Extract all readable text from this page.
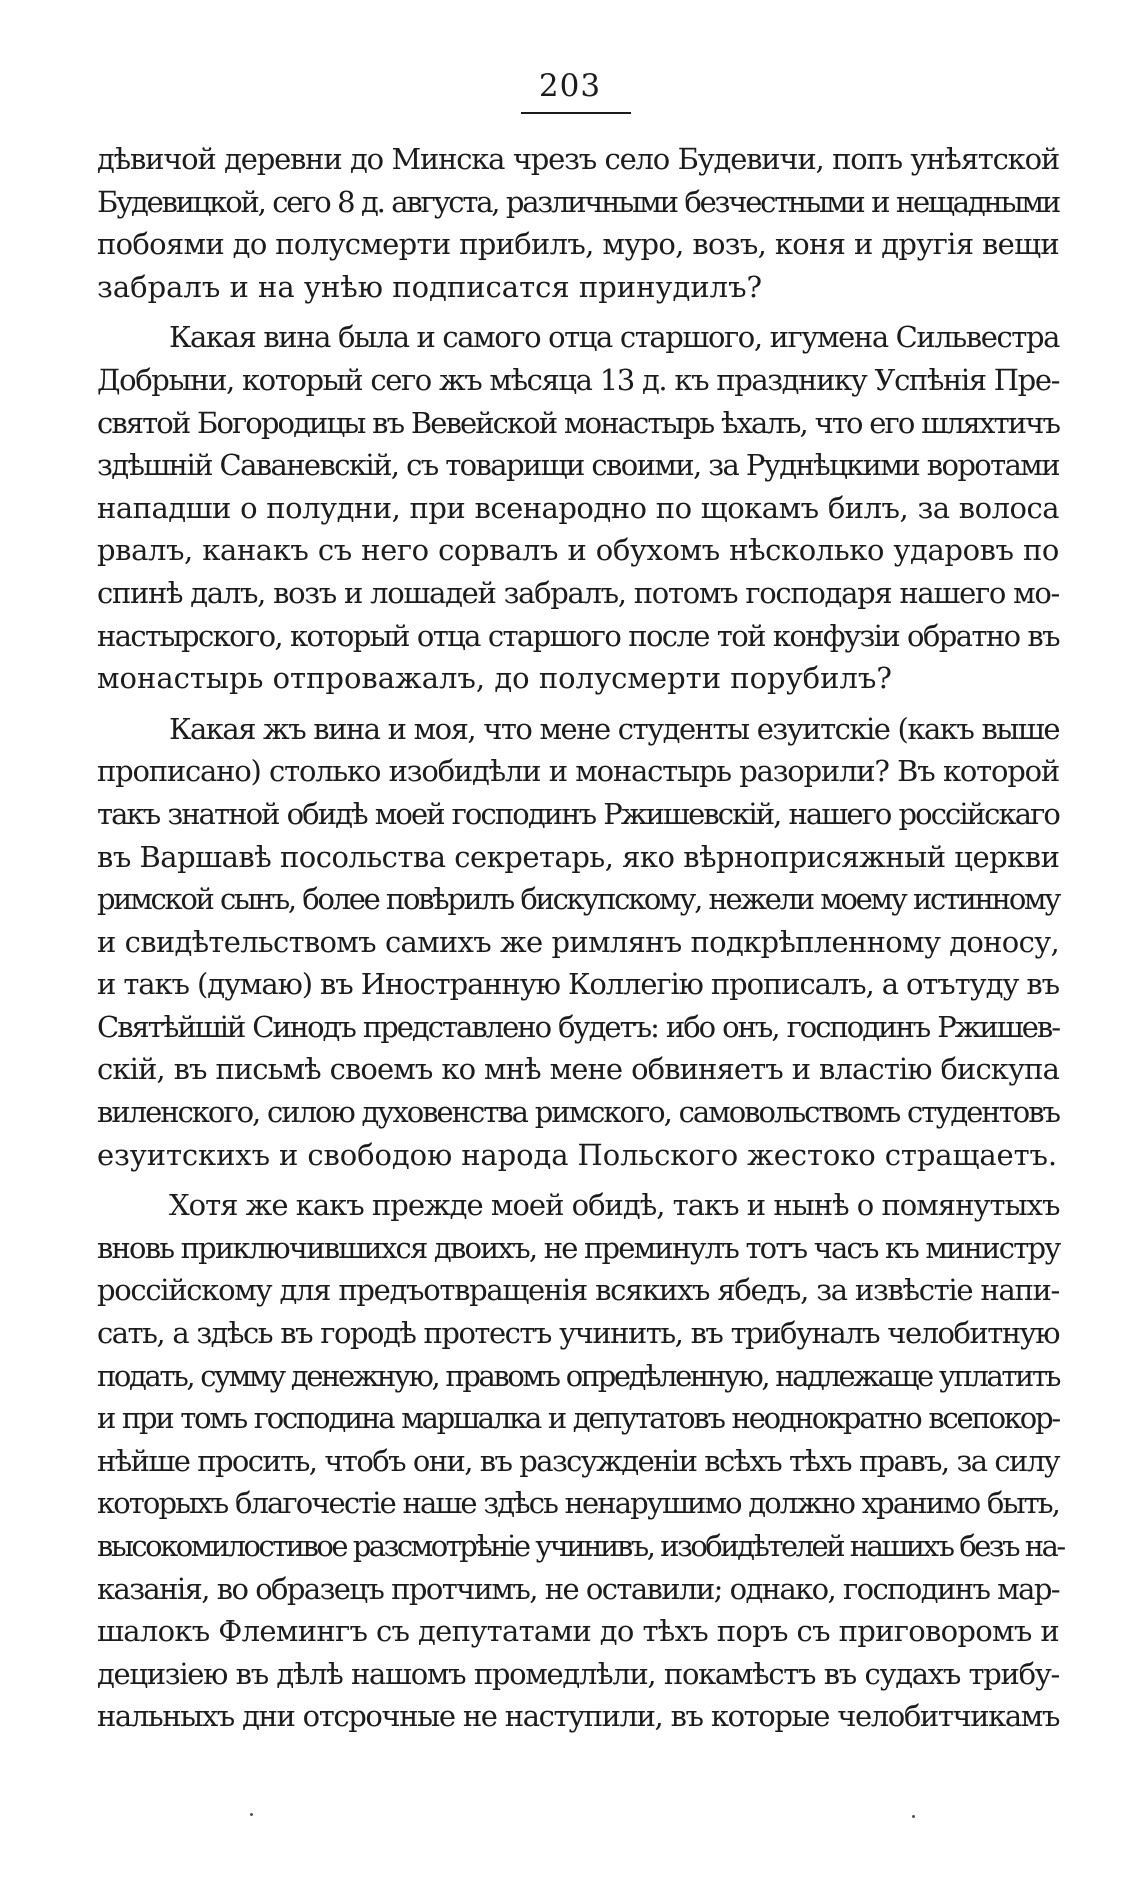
203
дѣвичой деревни до Минска чрезъ село Будевичи, попъ унѣятской
Будевицкой, сего 8 д. августа, различными безчестными и нещадными
побоями до полусмерти прибилъ, муро, возъ, коня и другія вещи
забралъ и на унѣю подписатся принудилъ?
Какая вина была и самого отца старшого, игумена Сильвестра
Добрыни, который сего жъ мѣсяца 13 д. къ празднику Успѣнія Пре-
святой Богородицы въ Вевейской монастырь ѣхалъ, что его шляхтичъ
здѣшній Саваневскій, съ товарищи своими, за Руднѣцкими воротами
нападши о полудни, при всенародно по щокамъ билъ, за волоса
рвалъ, канакъ съ него сорвалъ и обухомъ нѣсколько ударовъ по
спинѣ далъ, возъ и лошадей забралъ, потомъ господаря нашего мо-
настырского, который отца старшого после той конфузіи обратно въ
монастырь отпроважалъ, до полусмерти порубилъ?
Какая жъ вина и моя, что мене студенты езуитскіе (какъ выше
прописано) столько изобидѣли и монастырь разорили? Въ которой
такъ знатной обидѣ моей господинъ Ржишевскій, нашего россійскаго
въ Варшавѣ посольства секретарь, яко вѣрноприсяжный церкви
римской сынъ, более повѣрилъ бискупскому, нежели моему истинному
и свидѣтельствомъ самихъ же римлянъ подкрѣпленному доносу,
и такъ (думаю) въ Иностранную Коллегію прописалъ, а отътуду въ
Святѣйшій Синодъ представлено будетъ: ибо онъ, господинъ Ржишев-
скій, въ письмѣ своемъ ко мнѣ мене обвиняетъ и властію бискупа
виленского, силою духовенства римского, самовольствомъ студентовъ
езуитскихъ и свободою народа Польского жестоко стращаетъ.
Хотя же какъ прежде моей обидѣ, такъ и нынѣ о помянутыхъ
вновь приключившихся двоихъ, не преминулъ тотъ часъ къ министру
россійскому для предъотвращенія всякихъ ябедъ, за извѣстіе напи-
сать, а здѣсь въ городѣ протестъ учинить, въ трибуналъ челобитную
подать, сумму денежную, правомъ опредѣленную, надлежаще уплатить
и при томъ господина маршалка и депутатовъ неоднократно всепокор-
нѣйше просить, чтобъ они, въ разсужденіи всѣхъ тѣхъ правъ, за силу
которыхъ благочестіе наше здѣсь ненарушимо должно хранимо быть,
высокомилостивое разсмотрѣніе учинивъ, изобидѣтелей нашихъ безъ на-
казанія, во образецъ протчимъ, не оставили; однако, господинъ мар-
шалокъ Флемингъ съ депутатами до тѣхъ поръ съ приговоромъ и
децизіею въ дѣлѣ нашомъ промедлѣли, покамѣстъ въ судахъ трибу-
нальныхъ дни отсрочные не наступили, въ которые челобитчикамъ
